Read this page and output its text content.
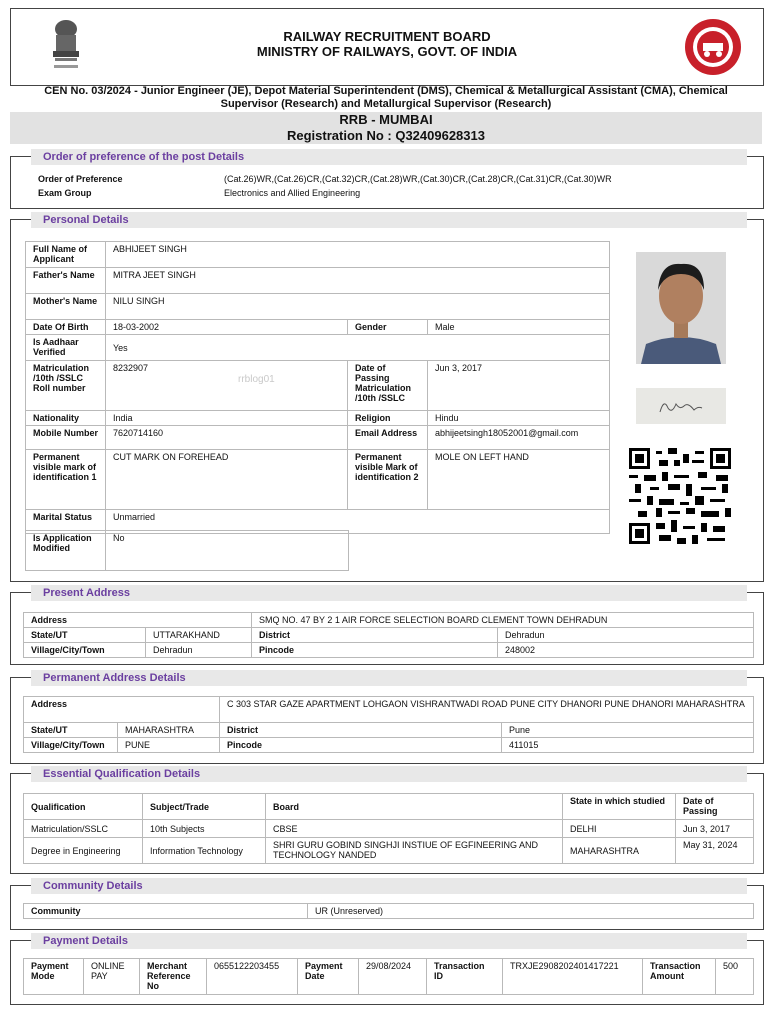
RAILWAY RECRUITMENT BOARD
MINISTRY OF RAILWAYS, GOVT. OF INDIA
CEN No. 03/2024 - Junior Engineer (JE), Depot Material Superintendent (DMS), Chemical & Metallurgical Assistant (CMA), Chemical Supervisor (Research) and Metallurgical Supervisor (Research)
RRB - MUMBAI
Registration No : Q32409628313
Order of preference of the post Details
Order of Preference	(Cat.26)WR,(Cat.26)CR,(Cat.32)CR,(Cat.28)WR,(Cat.30)CR,(Cat.28)CR,(Cat.31)CR,(Cat.30)WR
Exam Group	Electronics and Allied Engineering
Personal Details
Full Name of Applicant	ABHIJEET SINGH		
Father's Name	MITRA JEET SINGH		
Mother's Name	NILU SINGH		
Date Of Birth	18-03-2002	Gender	Male
Is Aadhaar Verified	Yes		
Matriculation /10th /SSLC Roll number	8232907	Date of Passing Matriculation /10th /SSLC	Jun 3, 2017
Nationality	India	Religion	Hindu
Mobile Number	7620714160	Email Address	abhijeetsingh18052001@gmail.com
Permanent visible mark of identification 1	CUT MARK ON FOREHEAD	Permanent visible Mark of identification 2	MOLE ON LEFT HAND
Marital Status	Unmarried		
Is Application Modified	No
rrblog01
Present Address
Address		SMQ NO. 47 BY 2 1 AIR FORCE SELECTION BOARD CLEMENT TOWN DEHRADUN	
State/UT	UTTARAKHAND	District	Dehradun
Village/City/Town	Dehradun	Pincode	248002
Permanent Address Details
Address		C 303 STAR GAZE APARTMENT LOHGAON VISHRANTWADI ROAD PUNE CITY DHANORI PUNE DHANORI MAHARASHTRA	
State/UT	MAHARASHTRA	District	Pune
Village/City/Town	PUNE	Pincode	411015
Essential Qualification Details
Qualification	Subject/Trade	Board	State in which studied	Date of Passing
Matriculation/SSLC	10th Subjects	CBSE	DELHI	Jun 3, 2017
Degree in Engineering	Information Technology	SHRI GURU GOBIND SINGHJI INSTIUE OF EGFINEERING AND TECHNOLOGY NANDED	MAHARASHTRA	May 31, 2024
Community Details
Community	UR (Unreserved)
Payment Details
Payment Mode	ONLINE PAY	Merchant Reference No	0655122203455	Payment Date	29/08/2024	Transaction ID	TRXJE2908202401417221	Transaction Amount	500
